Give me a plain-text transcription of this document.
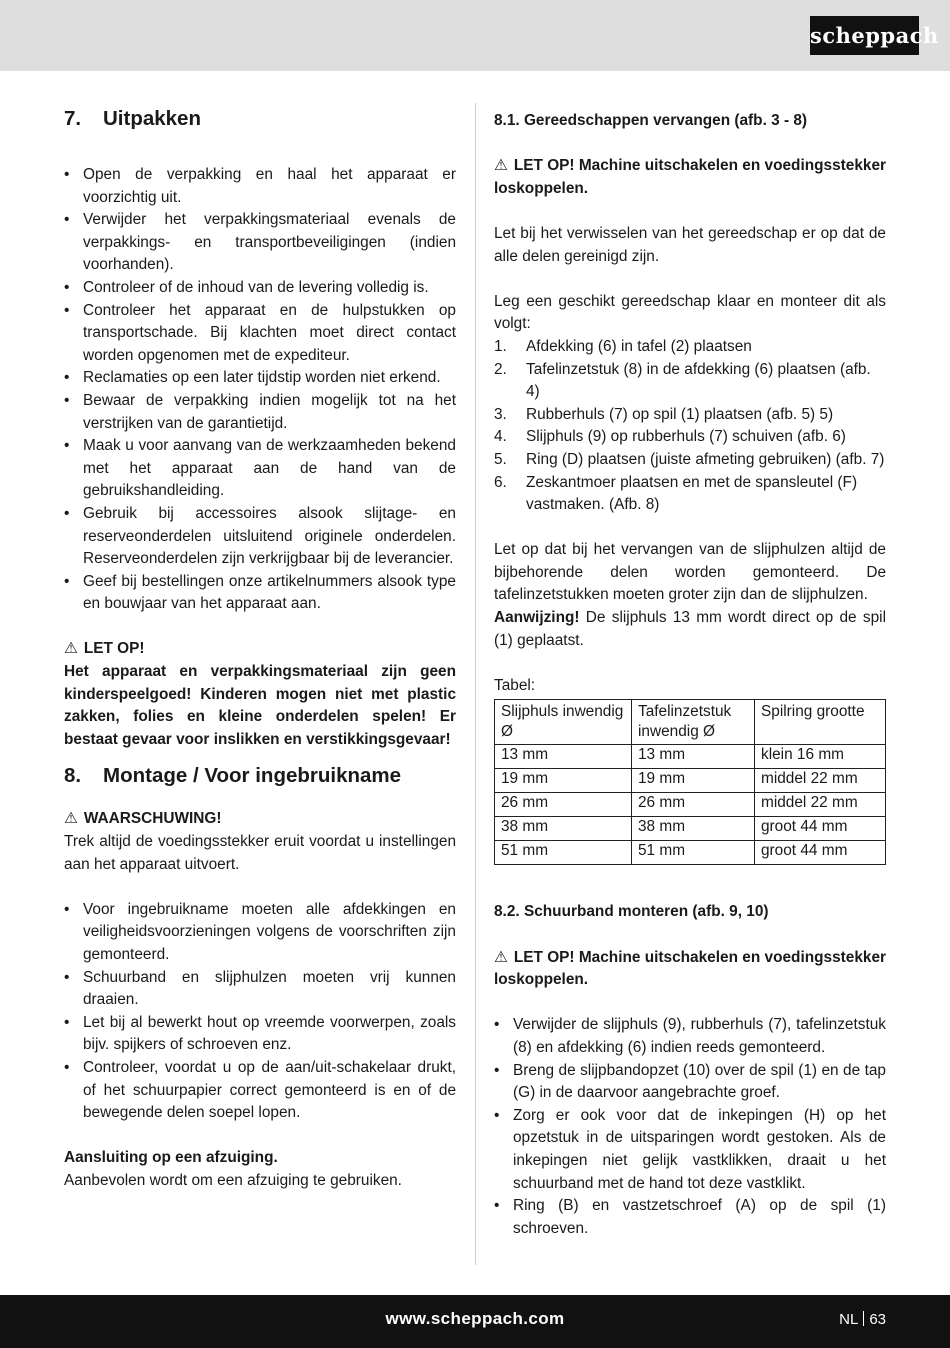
scheppach
7.	Uitpakken
• Open de verpakking en haal het apparaat er voorzichtig uit.
• Verwijder het verpakkingsmateriaal evenals de verpakkings- en transportbeveiligingen (indien voorhanden).
• Controleer of de inhoud van de levering volledig is.
• Controleer het apparaat en de hulpstukken op transportschade. Bij klachten moet direct contact worden opgenomen met de expediteur.
• Reclamaties op een later tijdstip worden niet erkend.
• Bewaar de verpakking indien mogelijk tot na het verstrijken van de garantietijd.
• Maak u voor aanvang van de werkzaamheden bekend met het apparaat aan de hand van de gebruikshandleiding.
• Gebruik bij accessoires alsook slijtage- en reserveonderdelen uitsluitend originele onderdelen. Reserveonderdelen zijn verkrijgbaar bij de leverancier.
• Geef bij bestellingen onze artikelnummers alsook type en bouwjaar van het apparaat aan.

⚠ LET OP!

Het apparaat en verpakkingsmateriaal zijn geen kinderspeelgoed! Kinderen mogen niet met plastic zakken, folies en kleine onderdelen spelen! Er bestaat gevaar voor inslikken en verstikkingsgevaar!

8.	Montage / Voor ingebruikname

⚠ WAARSCHUWING!

Trek altijd de voedingsstekker eruit voordat u instellingen aan het apparaat uitvoert.

• Voor ingebruikname moeten alle afdekkingen en veiligheidsvoorzieningen volgens de voorschriften zijn gemonteerd.
• Schuurband en slijphulzen moeten vrij kunnen draaien.
• Let bij al bewerkt hout op vreemde voorwerpen, zoals bijv. spijkers of schroeven enz.
• Controleer, voordat u op de aan/uit-schakelaar drukt, of het schuurpapier correct gemonteerd is en of de bewegende delen soepel lopen.

Aansluiting op een afzuiging.

Aanbevolen wordt om een afzuiging te gebruiken.

8.1. Gereedschappen vervangen (afb. 3 - 8)

⚠ LET OP! Machine uitschakelen en voedingsstekker loskoppelen.

Let bij het verwisselen van het gereedschap er op dat de alle delen gereinigd zijn.

Leg een geschikt gereedschap klaar en monteer dit als volgt:

1. Afdekking (6) in tafel (2) plaatsen
2. Tafelinzetstuk (8) in de afdekking (6) plaatsen (afb. 4)
3. Rubberhuls (7) op spil (1) plaatsen (afb. 5) 5)
4. Slijphuls (9) op rubberhuls (7) schuiven (afb. 6)
5. Ring (D) plaatsen (juiste afmeting gebruiken) (afb. 7)
6. Zeskantmoer plaatsen en met de spansleutel (F) vastmaken. (Afb. 8)

Let op dat bij het vervangen van de slijphulzen altijd de bijbehorende delen worden gemonteerd. De tafelinzetstukken moeten groter zijn dan de slijphulzen.

Aanwijzing! De slijphuls 13 mm wordt direct op de spil (1) geplaatst.

Tabel:

Slijphuls inwendig Ø	Tafelinzetstuk inwendig Ø	Spilring grootte
13 mm	13 mm	klein 16 mm
19 mm	19 mm	middel 22 mm
26 mm	26 mm	middel 22 mm
38 mm	38 mm	groot 44 mm
51 mm	51 mm	groot 44 mm

8.2. Schuurband monteren (afb. 9, 10)

⚠ LET OP! Machine uitschakelen en voedingsstekker loskoppelen.

• Verwijder de slijphuls (9), rubberhuls (7), tafelinzetstuk (8) en afdekking (6) indien reeds gemonteerd.
• Breng de slijpbandopzet (10) over de spil (1) en de tap (G) in de daarvoor aangebrachte groef.
• Zorg er ook voor dat de inkepingen (H) op het opzetstuk in de uitsparingen wordt gestoken. Als de inkepingen niet gelijk vastklikken, draait u het schuurband met de hand tot deze vastklikt.
• Ring (B) en vastzetschroef (A) op de spil (1) schroeven.
www.scheppach.com	NL 63
